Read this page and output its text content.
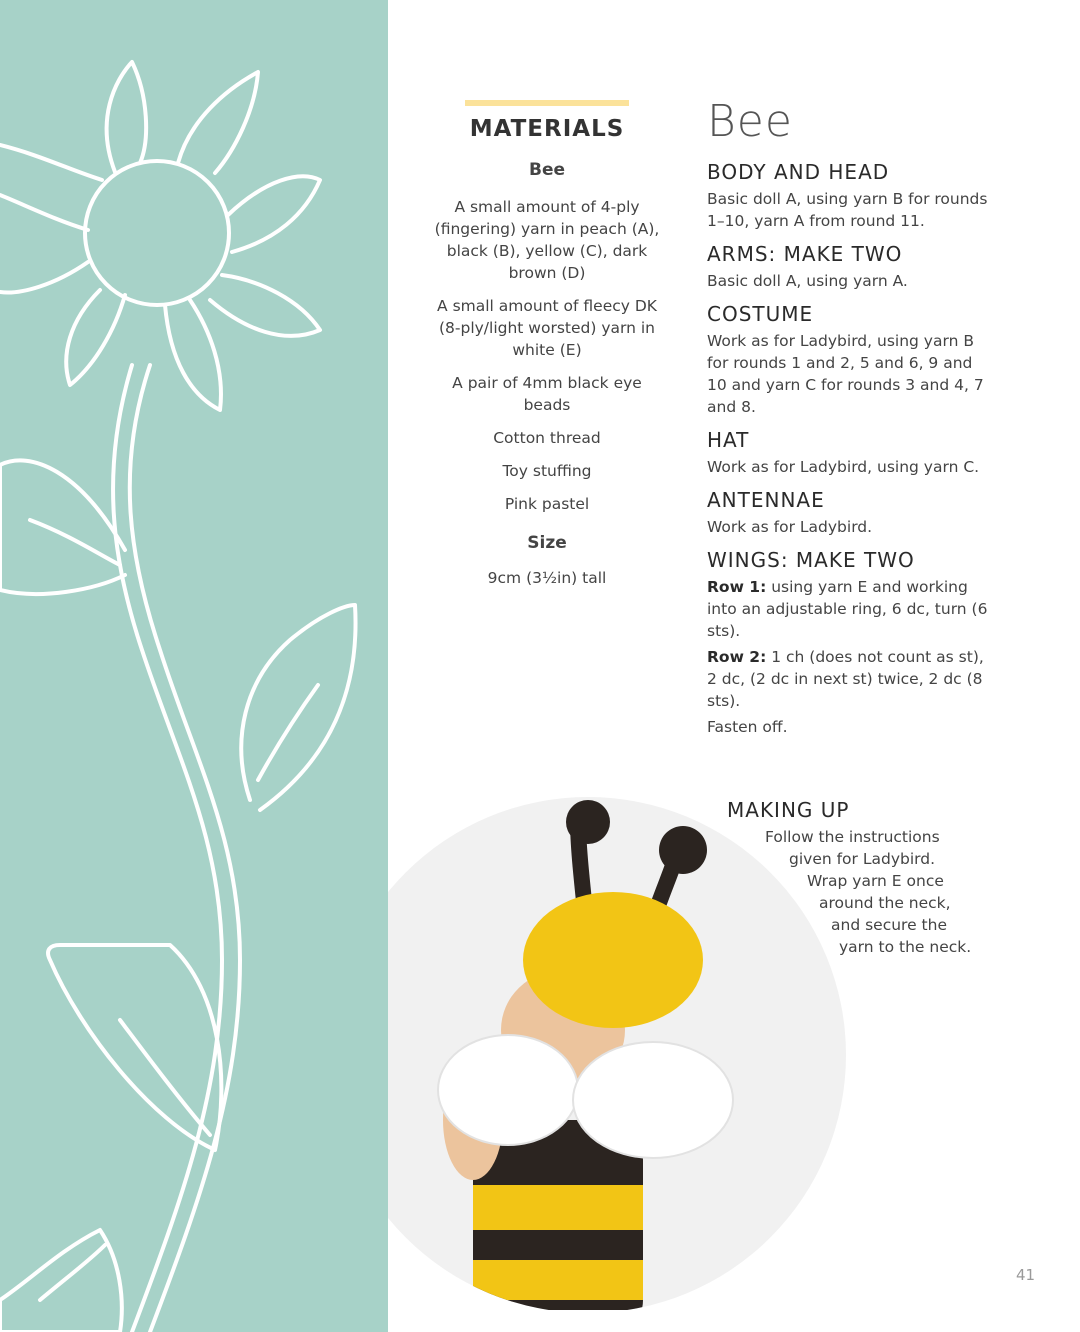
MATERIALS
Bee
A small amount of 4-ply (fingering) yarn in peach (A), black (B), yellow (C), dark brown (D)
A small amount of fleecy DK (8-ply/light worsted) yarn in white (E)
A pair of 4mm black eye beads
Cotton thread
Toy stuffing
Pink pastel
Size
9cm (3½in) tall
Bee
BODY AND HEAD
Basic doll A, using yarn B for rounds 1–10, yarn A from round 11.
ARMS: MAKE TWO
Basic doll A, using yarn A.
COSTUME
Work as for Ladybird, using yarn B for rounds 1 and 2, 5 and 6, 9 and 10 and yarn C for rounds 3 and 4, 7 and 8.
HAT
Work as for Ladybird, using yarn C.
ANTENNAE
Work as for Ladybird.
WINGS: MAKE TWO
Row 1: using yarn E and working into an adjustable ring, 6 dc, turn (6 sts).
Row 2: 1 ch (does not count as st), 2 dc, (2 dc in next st) twice, 2 dc (8 sts).
Fasten off.
MAKING UP
Follow the instructions
given for Ladybird.
Wrap yarn E once
around the neck,
and secure the
yarn to the neck.
41
